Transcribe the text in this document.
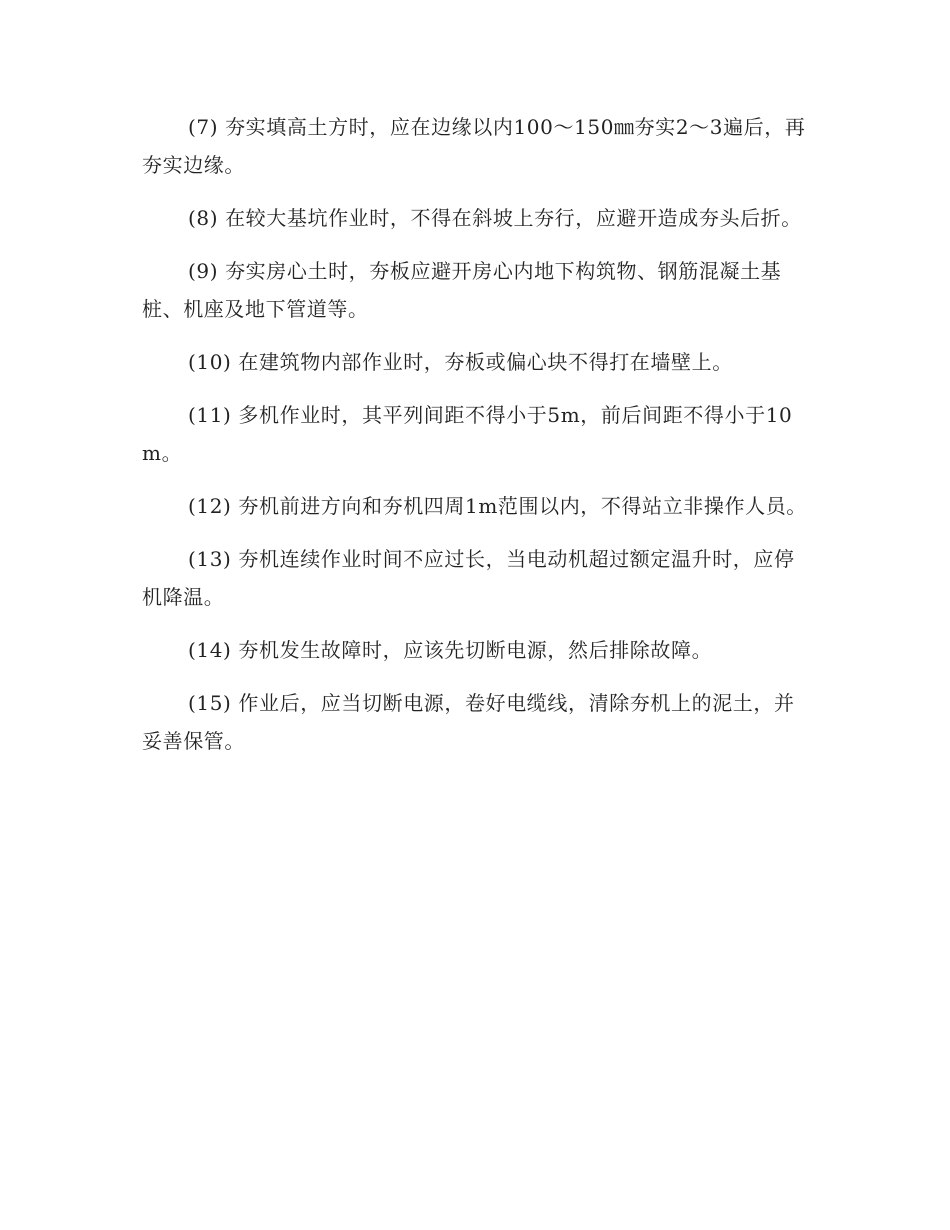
(7) 夯实填高土方时，应在边缘以内100～150㎜夯实2～3遍后，再夯实边缘。

(8) 在较大基坑作业时，不得在斜坡上夯行，应避开造成夯头后折。

(9) 夯实房心土时，夯板应避开房心内地下构筑物、钢筋混凝土基桩、机座及地下管道等。

(10) 在建筑物内部作业时，夯板或偏心块不得打在墙壁上。

(11) 多机作业时，其平列间距不得小于5m，前后间距不得小于10m。

(12) 夯机前进方向和夯机四周1m范围以内，不得站立非操作人员。

(13) 夯机连续作业时间不应过长，当电动机超过额定温升时，应停机降温。

(14) 夯机发生故障时，应该先切断电源，然后排除故障。

(15) 作业后，应当切断电源，卷好电缆线，清除夯机上的泥土，并妥善保管。
